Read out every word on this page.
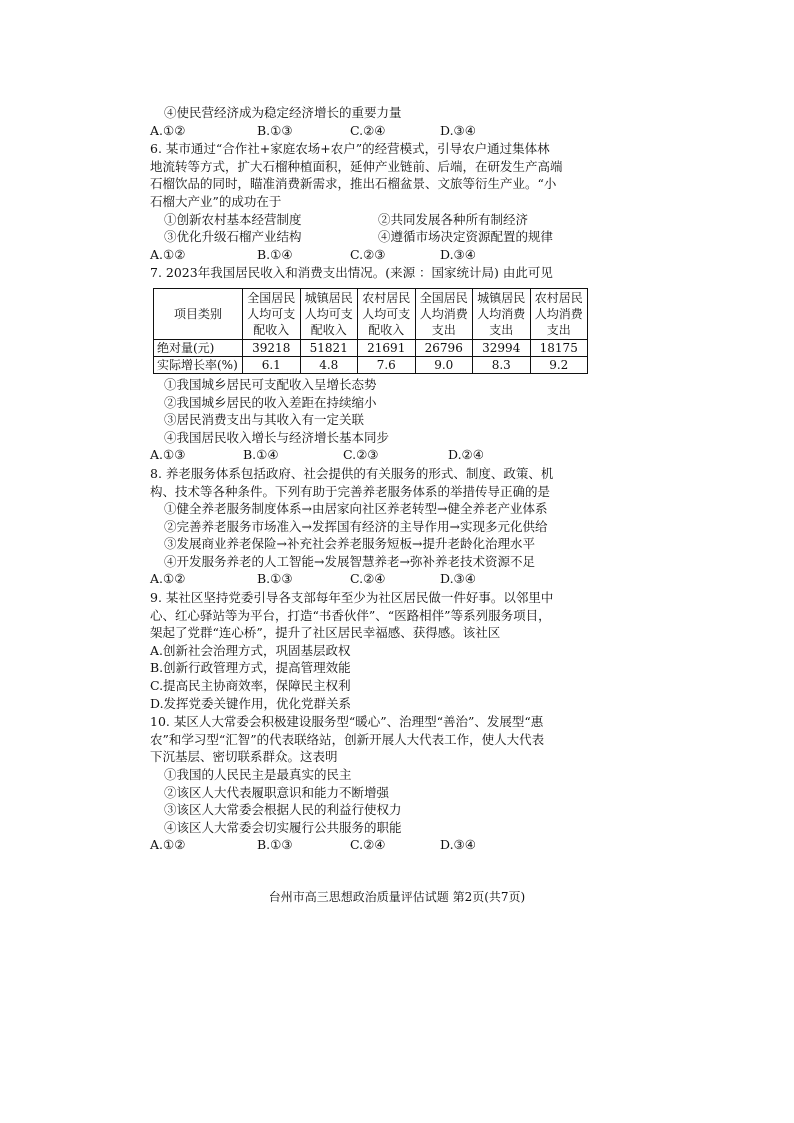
④使民营经济成为稳定经济增长的重要力量
A.①②	B.①③	C.②④	D.③④
6. 某市通过“合作社+家庭农场+农户”的经营模式，引导农户通过集体林
地流转等方式，扩大石榴种植面积，延伸产业链前、后端，在研发生产高端
石榴饮品的同时，瞄准消费新需求，推出石榴盆景、文旅等衍生产业。“小
石榴大产业”的成功在于
①创新农村基本经营制度	②共同发展各种所有制经济
③优化升级石榴产业结构	④遵循市场决定资源配置的规律
A.①②	B.①④	C.②③	D.③④
7. 2023年我国居民收入和消费支出情况。(来源 ：国家统计局) 由此可见
项目类别	全国居民
人均可支
配收入	城镇居民
人均可支
配收入	农村居民
人均可支
配收入	全国居民
人均消费
支出	城镇居民
人均消费
支出	农村居民
人均消费
支出

绝对量(元)	39218	51821	21691	26796	32994	18175
实际增长率(%)	6.1	4.8	7.6	9.0	8.3	9.2
①我国城乡居民可支配收入呈增长态势
②我国城乡居民的收入差距在持续缩小
③居民消费支出与其收入有一定关联
④我国居民收入增长与经济增长基本同步
A.①③	B.①④	C.②③	D.②④
8. 养老服务体系包括政府、社会提供的有关服务的形式、制度、政策、机
构、技术等各种条件。下列有助于完善养老服务体系的举措传导正确的是
①健全养老服务制度体系→由居家向社区养老转型→健全养老产业体系
②完善养老服务市场准入→发挥国有经济的主导作用→实现多元化供给
③发展商业养老保险→补充社会养老服务短板→提升老龄化治理水平
④开发服务养老的人工智能→发展智慧养老→弥补养老技术资源不足
A.①②	B.①③	C.②④	D.③④
9. 某社区坚持党委引导各支部每年至少为社区居民做一件好事。以邻里中
心、红心驿站等为平台，打造“书香伙伴”、“医路相伴”等系列服务项目，
架起了党群“连心桥”，提升了社区居民幸福感、获得感。该社区
A.创新社会治理方式，巩固基层政权
B.创新行政管理方式，提高管理效能
C.提高民主协商效率，保障民主权利
D.发挥党委关键作用，优化党群关系
10. 某区人大常委会积极建设服务型“暖心”、治理型“善治”、发展型“惠
农”和学习型“汇智”的代表联络站，创新开展人大代表工作，使人大代表
下沉基层、密切联系群众。这表明
①我国的人民民主是最真实的民主
②该区人大代表履职意识和能力不断增强
③该区人大常委会根据人民的利益行使权力
④该区人大常委会切实履行公共服务的职能
A.①②	B.①③	C.②④	D.③④
台州市高三思想政治质量评估试题 第2页(共7页)
